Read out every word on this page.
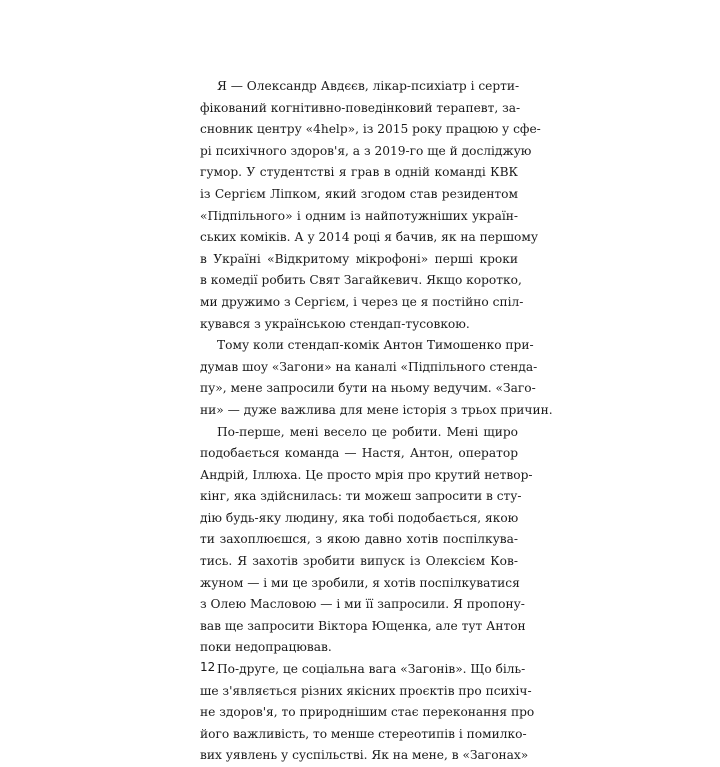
Я — Олександр Авдєєв, лікар-психіатр і серти-
фікований когнітивно-поведінковий терапевт, за-
сновник центру «4help», із 2015 року працюю у сфе-
рі психічного здоров'я, а з 2019-го ще й досліджую
гумор. У студентстві я грав в одній команді КВК
із Сергієм Ліпком, який згодом став резидентом
«Підпільного» і одним із найпотужніших україн-
ських коміків. А у 2014 році я бачив, як на першому
в Україні «Відкритому мікрофоні» перші кроки
в комедії робить Свят Загайкевич. Якщо коротко,
ми дружимо з Сергієм, і через це я постійно спіл-
кувався з українською стендап-тусовкою.
Тому коли стендап-комік Антон Тимошенко при-
думав шоу «Загони» на каналі «Підпільного стенда-
пу», мене запросили бути на ньому ведучим. «Заго-
ни» — дуже важлива для мене історія з трьох причин.
По-перше, мені весело це робити. Мені щиро
подобається команда — Настя, Антон, оператор
Андрій, Іллюха. Це просто мрія про крутий нетвор-
кінг, яка здійснилась: ти можеш запросити в сту-
дію будь-яку людину, яка тобі подобається, якою
ти захоплюєшся, з якою давно хотів поспілкува-
тись. Я захотів зробити випуск із Олексієм Ков-
жуном — і ми це зробили, я хотів поспілкуватися
з Олею Масловою — і ми її запросили. Я пропону-
вав ще запросити Віктора Ющенка, але тут Антон
поки недопрацював.
По-друге, це соціальна вага «Загонів». Що біль-
ше з'являється різних якісних проєктів про психіч-
не здоров'я, то природнішим стає переконання про
його важливість, то менше стереотипів і помилко-
вих уявлень у суспільстві. Як на мене, в «Загонах»
12
